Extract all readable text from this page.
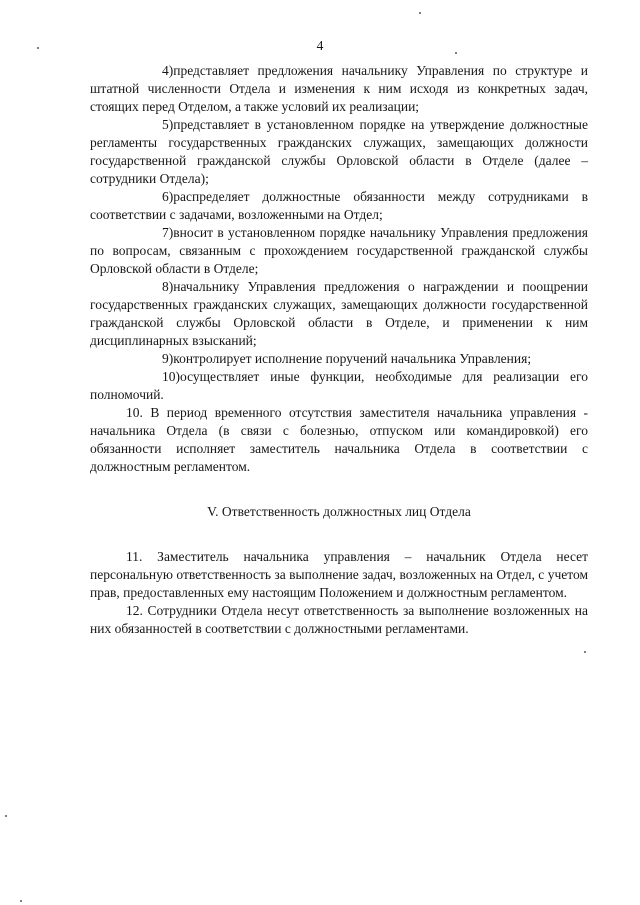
4

4)представляет предложения начальнику Управления по структуре и штатной численности Отдела и изменения к ним исходя из конкретных задач, стоящих перед Отделом, а также условий их реализации;

5)представляет в установленном порядке на утверждение должностные регламенты государственных гражданских служащих, замещающих должности государственной гражданской службы Орловской области в Отделе (далее – сотрудники Отдела);

6)распределяет должностные обязанности между сотрудниками в соответствии с задачами, возложенными на Отдел;

7)вносит в установленном порядке начальнику Управления предложения по вопросам, связанным с прохождением государственной гражданской службы Орловской области в Отделе;

8)начальнику Управления предложения о награждении и поощрении государственных гражданских служащих, замещающих должности государственной гражданской службы Орловской области в Отделе, и применении к ним дисциплинарных взысканий;

9)контролирует исполнение поручений начальника Управления;

10)осуществляет иные функции, необходимые для реализации его полномочий.

10. В период временного отсутствия заместителя начальника управления - начальника Отдела (в связи с болезнью, отпуском или командировкой) его обязанности исполняет заместитель начальника Отдела в соответствии с должностным регламентом.

V. Ответственность должностных лиц Отдела

11. Заместитель начальника управления – начальник Отдела несет персональную ответственность за выполнение задач, возложенных на Отдел, с учетом прав, предоставленных ему настоящим Положением и должностным регламентом.

12. Сотрудники Отдела несут ответственность за выполнение возложенных на них обязанностей в соответствии с должностными регламентами.
